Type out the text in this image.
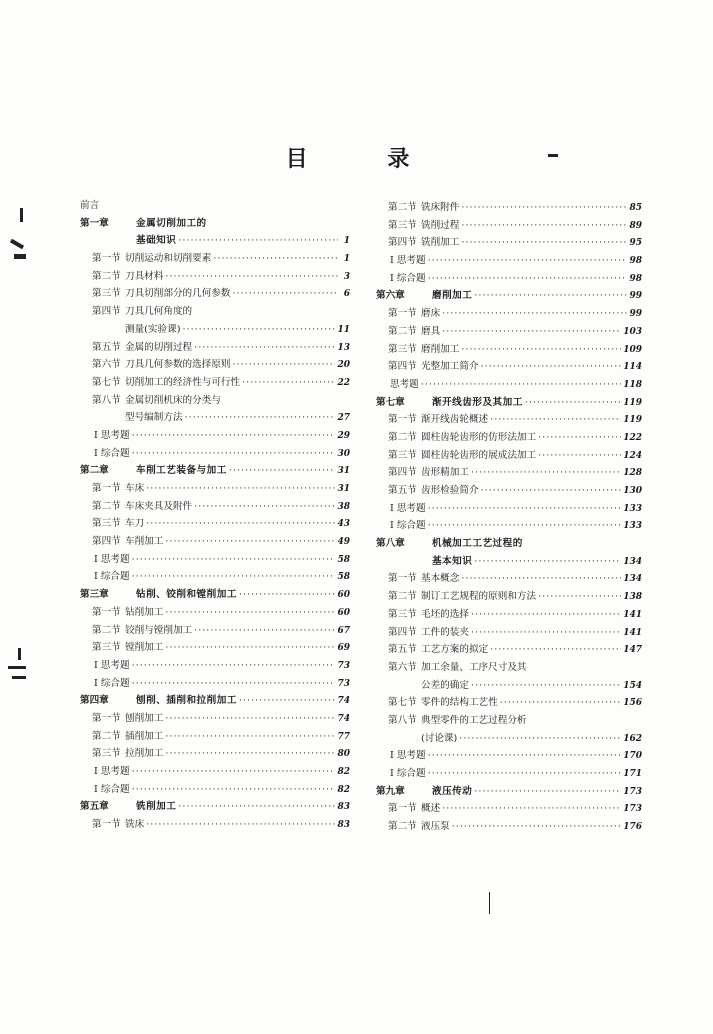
目 录
前言
第一章	金属切削加工的
基础知识 ·····	1
第一节 切削运动和切削要素 ·····	1
第二节 刀具材料 ·····	3
第三节 刀具切削部分的几何参数 ·····	6
第四节 刀具几何角度的
测量(实验课) ·····	11
第五节 金属的切削过程 ·····	13
第六节 刀具几何参数的选择原则 ·····	20
第七节 切削加工的经济性与可行性 ·····	22
第八节 金属切削机床的分类与
型号编制方法 ·····	27
I 思考题 ·····	29
I 综合题 ·····	30
第二章	车削工艺装备与加工 ·····	31
第一节 车床 ·····	31
第二节 车床夹具及附件 ·····	38
第三节 车刀 ·····	43
第四节 车削加工 ·····	49
I 思考题 ·····	58
I 综合题 ·····	58
第三章	钻削、铰削和镗削加工 ·····	60
第一节 钻削加工 ·····	60
第二节 铰削与镗削加工 ·····	67
第三节 镗削加工 ·····	69
I 思考题 ·····	73
I 综合题 ·····	73
第四章	刨削、插削和拉削加工 ·····	74
第一节 刨削加工 ·····	74
第二节 插削加工 ·····	77
第三节 拉削加工 ·····	80
I 思考题 ·····	82
I 综合题 ·····	82
第五章	铣削加工 ·····	83
第一节 铣床 ·····	83
第二节 铣床附件 ·····	85
第三节 铣削过程 ·····	89
第四节 铣削加工 ·····	95
I 思考题 ·····	98
I 综合题 ·····	98
第六章	磨削加工 ·····	99
第一节 磨床 ·····	99
第二节 磨具 ·····	103
第三节 磨削加工 ·····	109
第四节 光整加工简介 ·····	114
思考题 ·····	118
第七章	渐开线齿形及其加工 ·····	119
第一节 渐开线齿轮概述 ·····	119
第二节 圆柱齿轮齿形的仿形法加工 ·····	122
第三节 圆柱齿轮齿形的展成法加工 ·····	124
第四节 齿形精加工 ·····	128
第五节 齿形检验简介 ·····	130
I 思考题 ·····	133
I 综合题 ·····	133
第八章	机械加工工艺过程的
基本知识 ·····	134
第一节 基本概念 ·····	134
第二节 制订工艺规程的原则和方法 ·····	138
第三节 毛坯的选择 ·····	141
第四节 工件的装夹 ·····	141
第五节 工艺方案的拟定 ·····	147
第六节 加工余量、工序尺寸及其
公差的确定 ·····	154
第七节 零件的结构工艺性 ·····	156
第八节 典型零件的工艺过程分析
(讨论课) ·····	162
I 思考题 ·····	170
I 综合题 ·····	171
第九章	液压传动 ·····	173
第一节 概述 ·····	173
第二节 液压泵 ·····	176
